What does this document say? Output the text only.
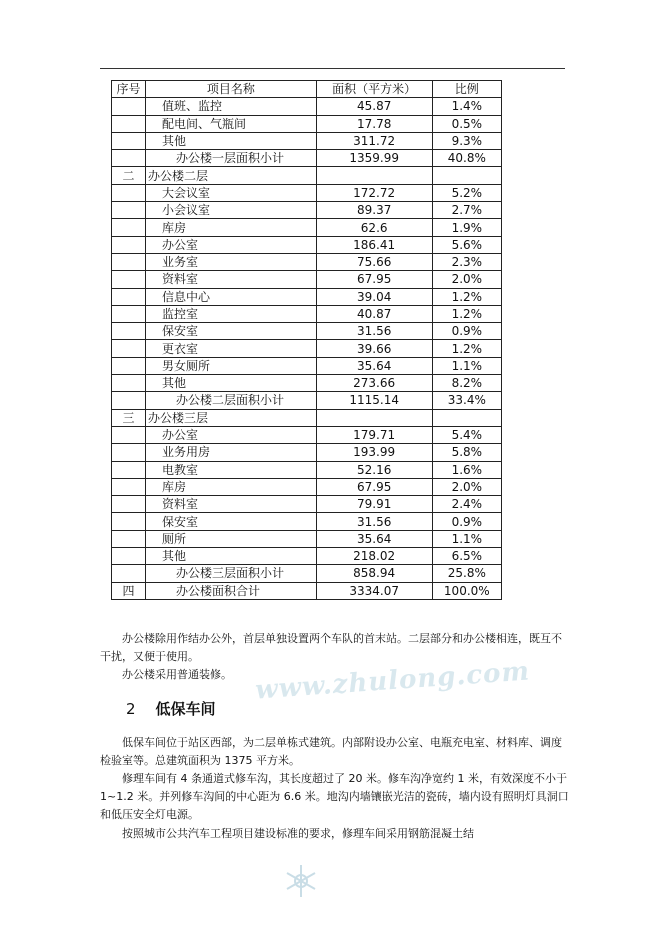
序号	项目名称	面积（平方米）	比例
	值班、监控	45.87	1.4%
	配电间、气瓶间	17.78	0.5%
	其他	311.72	9.3%
	办公楼一层面积小计	1359.99	40.8%
二	办公楼二层		
	大会议室	172.72	5.2%
	小会议室	89.37	2.7%
	库房	62.6	1.9%
	办公室	186.41	5.6%
	业务室	75.66	2.3%
	资料室	67.95	2.0%
	信息中心	39.04	1.2%
	监控室	40.87	1.2%
	保安室	31.56	0.9%
	更衣室	39.66	1.2%
	男女厕所	35.64	1.1%
	其他	273.66	8.2%
	办公楼二层面积小计	1115.14	33.4%
三	办公楼三层		
	办公室	179.71	5.4%
	业务用房	193.99	5.8%
	电教室	52.16	1.6%
	库房	67.95	2.0%
	资料室	79.91	2.4%
	保安室	31.56	0.9%
	厕所	35.64	1.1%
	其他	218.02	6.5%
	办公楼三层面积小计	858.94	25.8%
四	办公楼面积合计	3334.07	100.0%

办公楼除用作结办公外，首层单独设置两个车队的首末站。二层部分和办公楼相连，既互不干扰，又便于使用。

办公楼采用普通装修。 www.zhulong.com
2 低保车间

低保车间位于站区西部，为二层单栋式建筑。内部附设办公室、电瓶充电室、材料库、调度检验室等。总建筑面积为 1375 平方米。

修理车间有 4 条通道式修车沟，其长度超过了 20 米。修车沟净宽约 1 米，有效深度不小于 1~1.2 米。并列修车沟间的中心距为 6.6 米。地沟内墙镶嵌光洁的瓷砖，墙内设有照明灯具洞口和低压安全灯电源。

按照城市公共汽车工程项目建设标准的要求，修理车间采用钢筋混凝土结
